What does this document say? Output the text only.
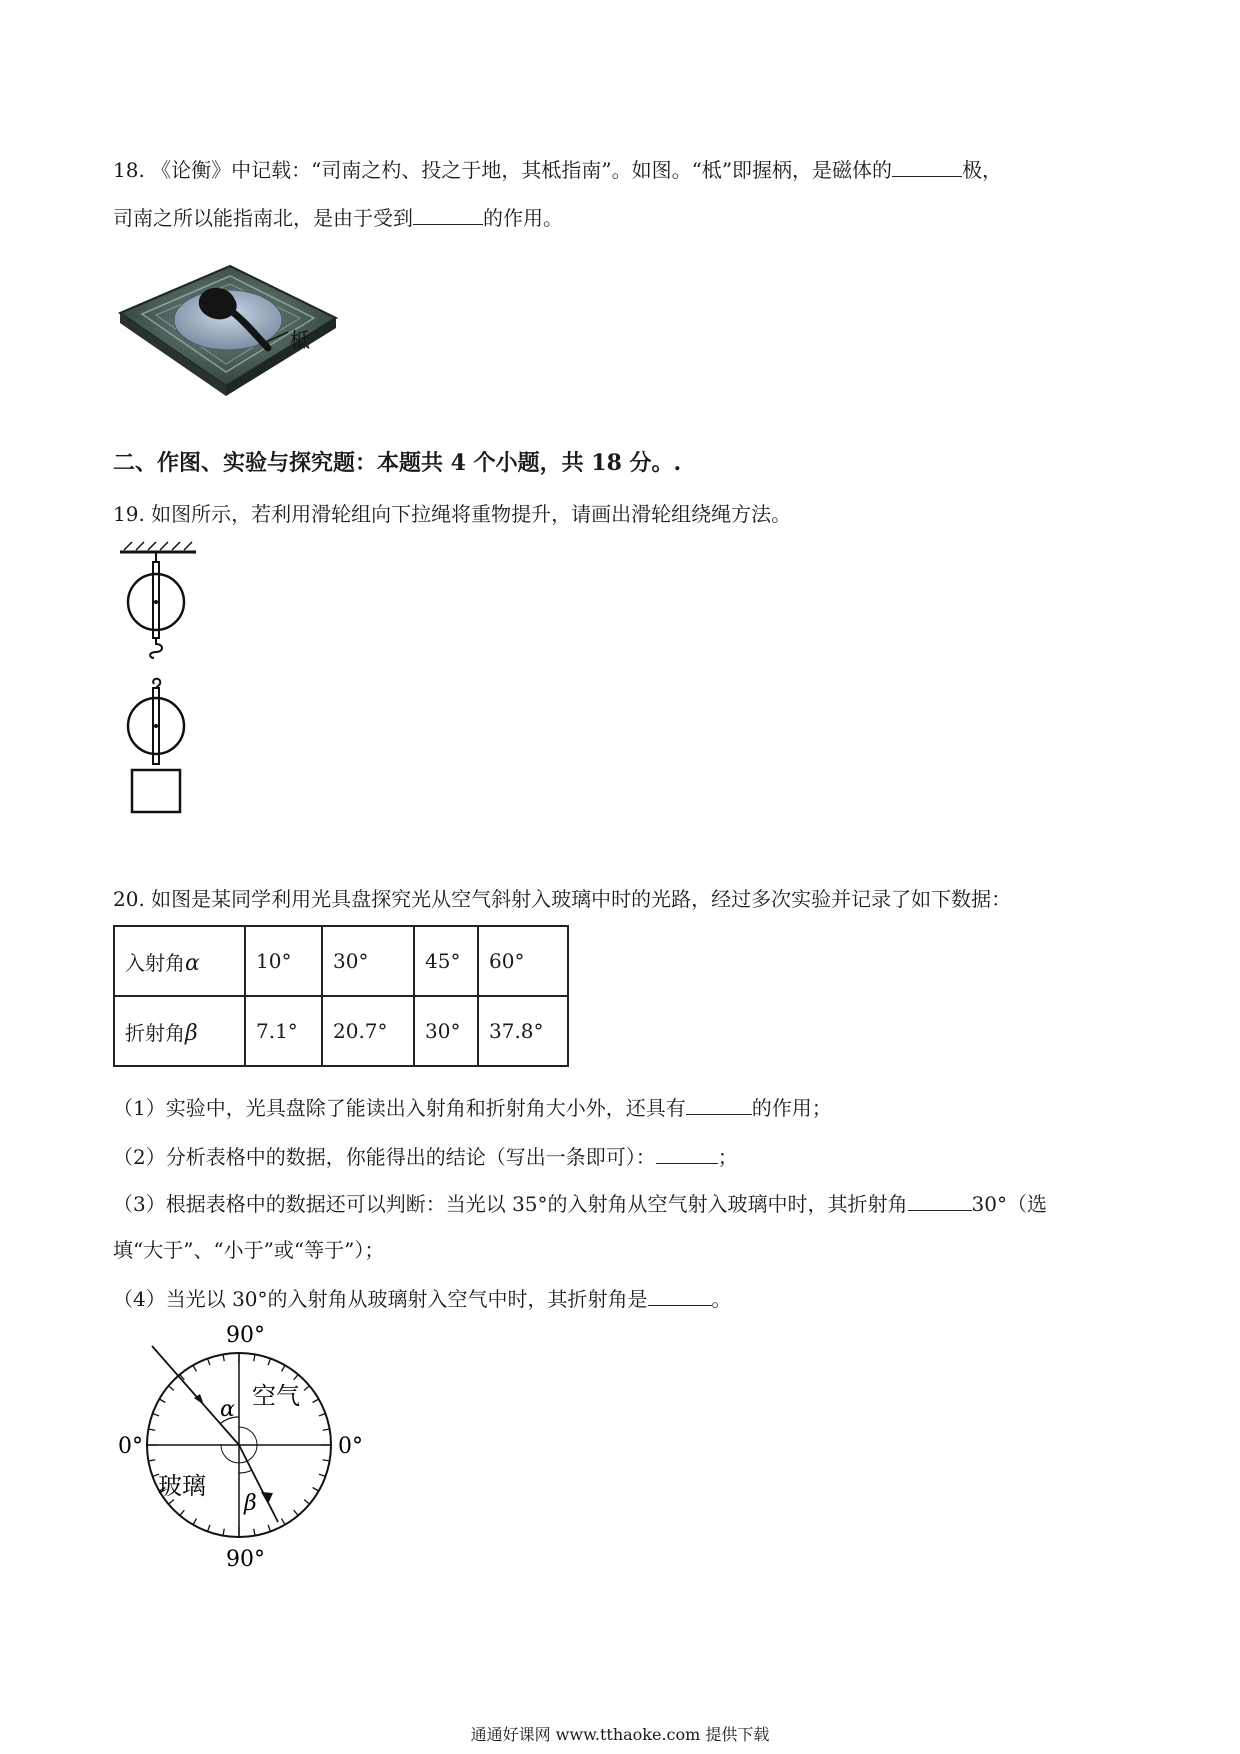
18. 《论衡》中记载：“司南之杓、投之于地，其柢指南”。如图。“柢”即握柄，是磁体的	极，
司南之所以能指南北，是由于受到	的作用。
柢
二、作图、实验与探究题：本题共 4 个小题，共 18 分。.
19. 如图所示，若利用滑轮组向下拉绳将重物提升，请画出滑轮组绕绳方法。
20. 如图是某同学利用光具盘探究光从空气斜射入玻璃中时的光路，经过多次实验并记录了如下数据：
入射角α	10°	30°	45°	60°
折射角β	7.1°	20.7°	30°	37.8°
（1）实验中，光具盘除了能读出入射角和折射角大小外，还具有	的作用；
（2）分析表格中的数据，你能得出的结论（写出一条即可）：	；
（3）根据表格中的数据还可以判断：当光以 35°的入射角从空气射入玻璃中时，其折射角	30°（选
填“大于”、“小于”或“等于”）；
（4）当光以 30°的入射角从玻璃射入空气中时，其折射角是	。
90°
90°
0°	0°
空气
玻璃
α
β
通通好课网 www.tthaoke.com 提供下载
